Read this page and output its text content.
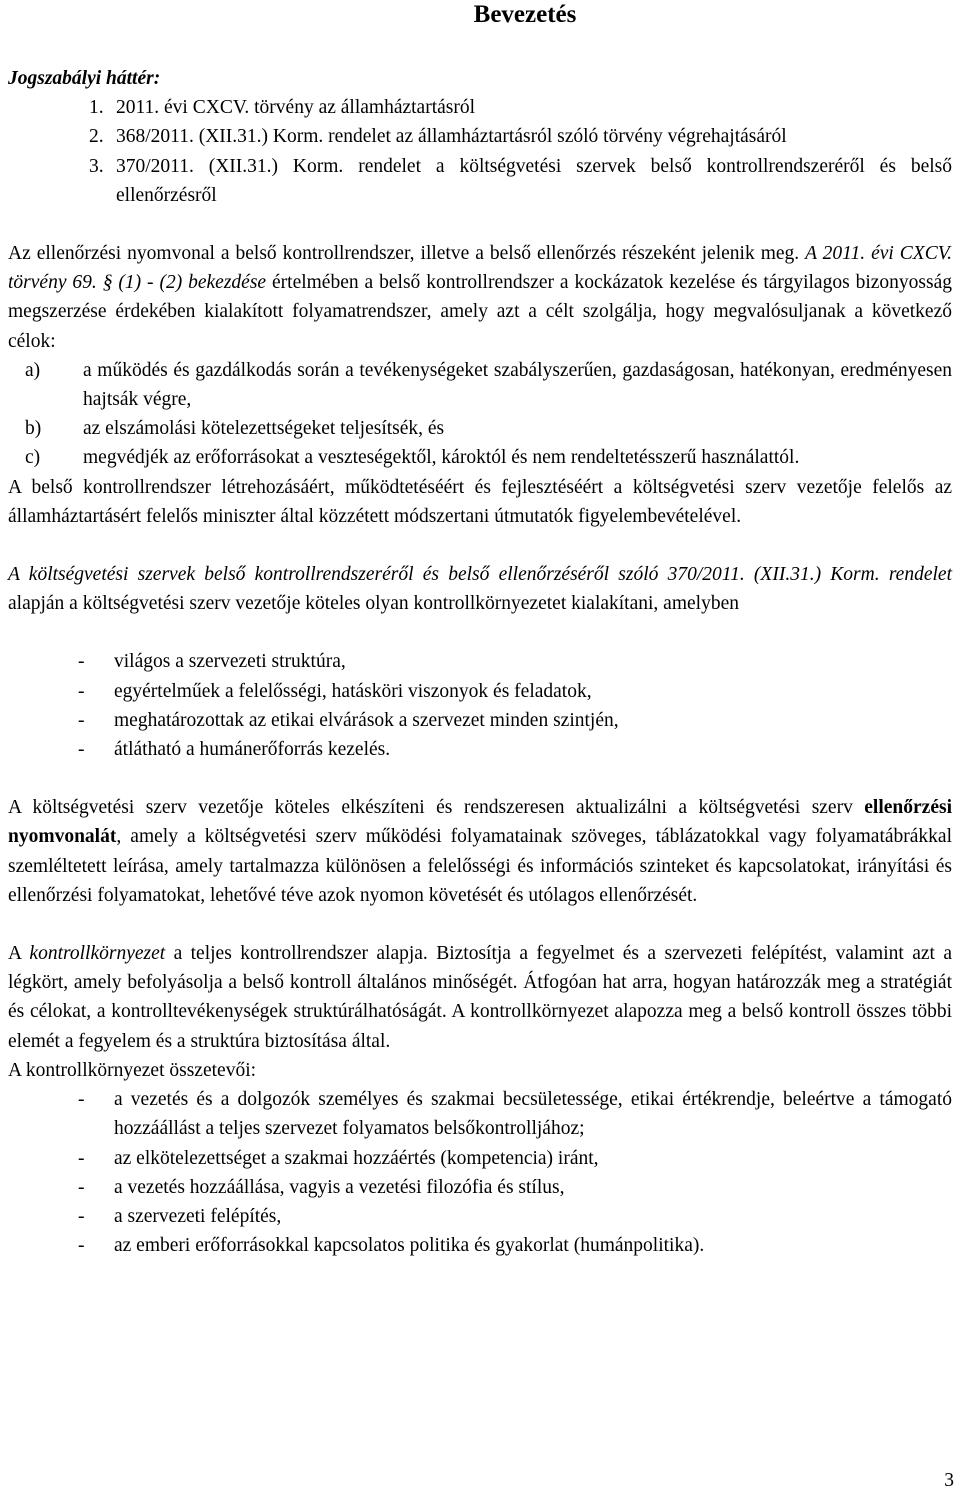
Bevezetés

Jogszabályi háttér:

1. 2011. évi CXCV. törvény az államháztartásról
2. 368/2011. (XII.31.) Korm. rendelet az államháztartásról szóló törvény végrehajtásáról
3. 370/2011. (XII.31.) Korm. rendelet a költségvetési szervek belső kontrollrendszeréről és belső ellenőrzésről

Az ellenőrzési nyomvonal a belső kontrollrendszer, illetve a belső ellenőrzés részeként jelenik meg. A 2011. évi CXCV. törvény 69. § (1) - (2) bekezdése értelmében a belső kontrollrendszer a kockázatok kezelése és tárgyilagos bizonyosság megszerzése érdekében kialakított folyamatrendszer, amely azt a célt szolgálja, hogy megvalósuljanak a következő célok:

a) a működés és gazdálkodás során a tevékenységeket szabályszerűen, gazdaságosan, hatékonyan, eredményesen hajtsák végre,
b) az elszámolási kötelezettségeket teljesítsék, és
c) megvédjék az erőforrásokat a veszteségektől, károktól és nem rendeltetésszerű használattól.

A belső kontrollrendszer létrehozásáért, működtetéséért és fejlesztéséért a költségvetési szerv vezetője felelős az államháztartásért felelős miniszter által közzétett módszertani útmutatók figyelembevételével.

A költségvetési szervek belső kontrollrendszeréről és belső ellenőrzéséről szóló 370/2011. (XII.31.) Korm. rendelet alapján a költségvetési szerv vezetője köteles olyan kontrollkörnyezetet kialakítani, amelyben

- világos a szervezeti struktúra,
- egyértelműek a felelősségi, hatásköri viszonyok és feladatok,
- meghatározottak az etikai elvárások a szervezet minden szintjén,
- átlátható a humánerőforrás kezelés.

A költségvetési szerv vezetője köteles elkészíteni és rendszeresen aktualizálni a költségvetési szerv ellenőrzési nyomvonalát, amely a költségvetési szerv működési folyamatainak szöveges, táblázatokkal vagy folyamatábrákkal szemléltetett leírása, amely tartalmazza különösen a felelősségi és információs szinteket és kapcsolatokat, irányítási és ellenőrzési folyamatokat, lehetővé téve azok nyomon követését és utólagos ellenőrzését.

A kontrollkörnyezet a teljes kontrollrendszer alapja. Biztosítja a fegyelmet és a szervezeti felépítést, valamint azt a légkört, amely befolyásolja a belső kontroll általános minőségét. Átfogóan hat arra, hogyan határozzák meg a stratégiát és célokat, a kontrolltevékenységek struktúrálhatóságát. A kontrollkörnyezet alapozza meg a belső kontroll összes többi elemét a fegyelem és a struktúra biztosítása által.

A kontrollkörnyezet összetevői:

- a vezetés és a dolgozók személyes és szakmai becsületessége, etikai értékrendje, beleértve a támogató hozzáállást a teljes szervezet folyamatos belsőkontrolljához;
- az elkötelezettséget a szakmai hozzáértés (kompetencia) iránt,
- a vezetés hozzáállása, vagyis a vezetési filozófia és stílus,
- a szervezeti felépítés,
- az emberi erőforrásokkal kapcsolatos politika és gyakorlat (humánpolitika).
3
